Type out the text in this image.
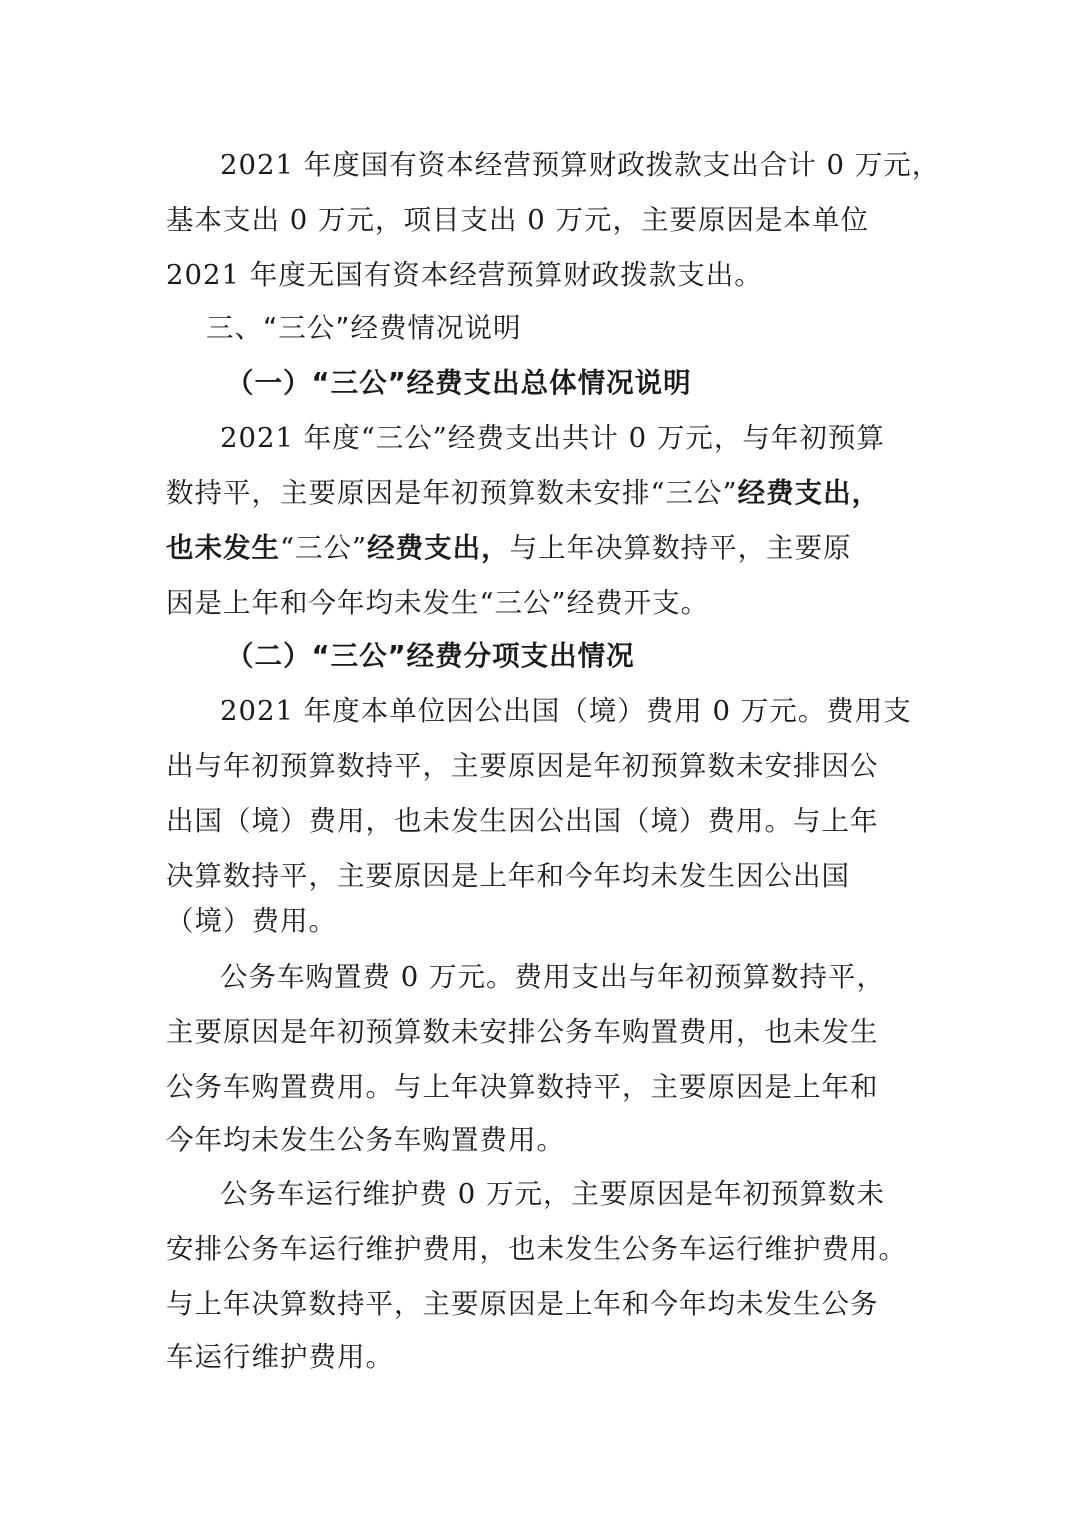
2021 年度国有资本经营预算财政拨款支出合计 0 万元，
基本支出 0 万元，项目支出 0 万元，主要原因是本单位
2021 年度无国有资本经营预算财政拨款支出。
三、“三公”经费情况说明
（一）“三公”经费支出总体情况说明
2021 年度“三公”经费支出共计 0 万元，与年初预算
数持平，主要原因是年初预算数未安排“三公”经费支出，
也未发生“三公”经费支出，与上年决算数持平，主要原
因是上年和今年均未发生“三公”经费开支。
（二）“三公”经费分项支出情况
2021 年度本单位因公出国（境）费用 0 万元。费用支
出与年初预算数持平，主要原因是年初预算数未安排因公
出国（境）费用，也未发生因公出国（境）费用。与上年
决算数持平，主要原因是上年和今年均未发生因公出国
（境）费用。
公务车购置费 0 万元。费用支出与年初预算数持平，
主要原因是年初预算数未安排公务车购置费用，也未发生
公务车购置费用。与上年决算数持平，主要原因是上年和
今年均未发生公务车购置费用。
公务车运行维护费 0 万元，主要原因是年初预算数未
安排公务车运行维护费用，也未发生公务车运行维护费用。
与上年决算数持平，主要原因是上年和今年均未发生公务
车运行维护费用。
